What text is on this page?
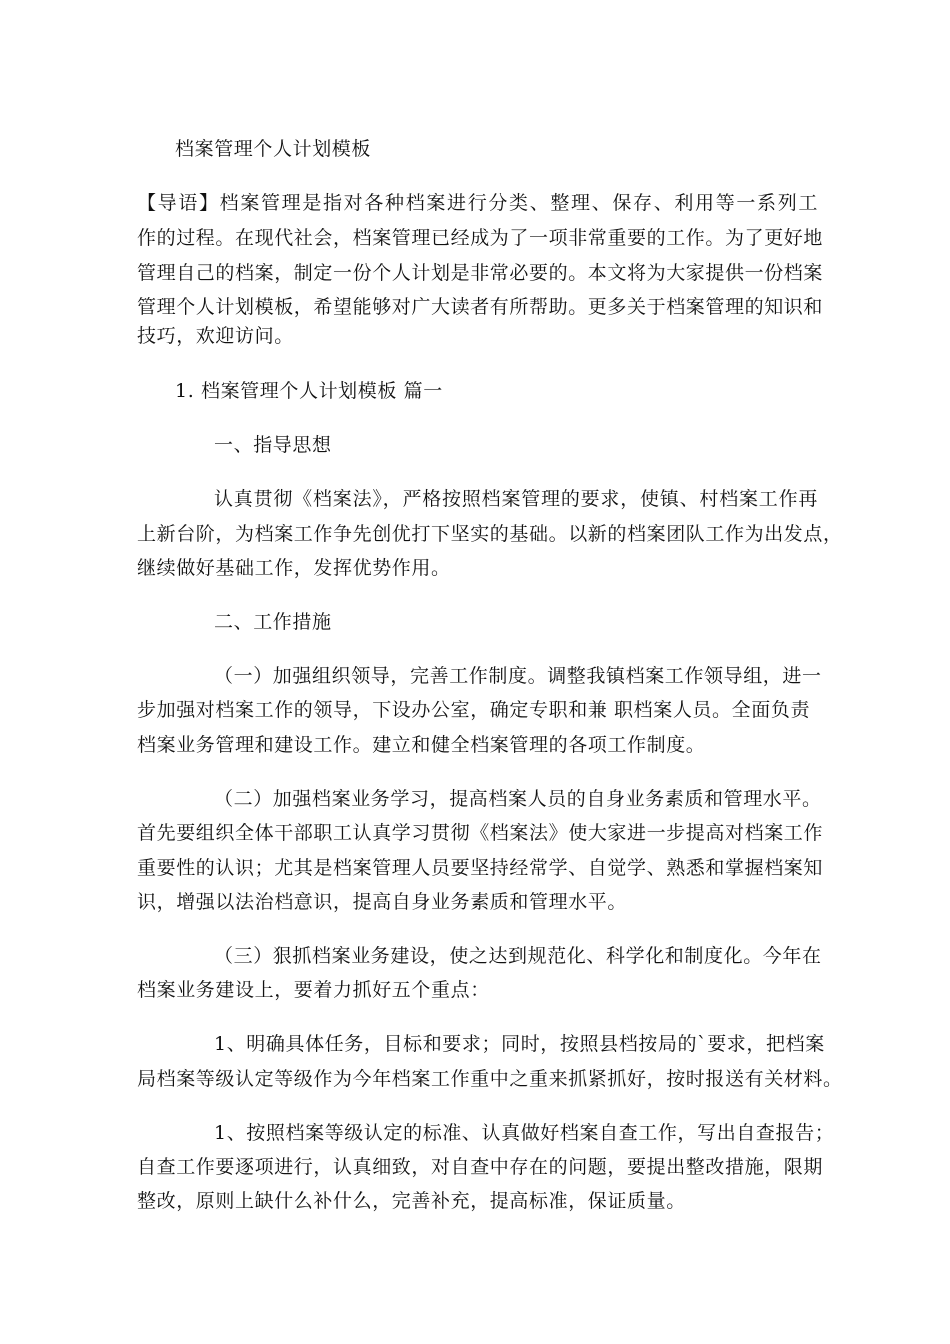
档案管理个人计划模板
【导语】档案管理是指对各种档案进行分类、整理、保存、利用等一系列工
作的过程。在现代社会，档案管理已经成为了一项非常重要的工作。为了更好地
管理自己的档案，制定一份个人计划是非常必要的。本文将为大家提供一份档案
管理个人计划模板，希望能够对广大读者有所帮助。更多关于档案管理的知识和
技巧，欢迎访问。
1. 档案管理个人计划模板 篇一
一、指导思想
认真贯彻《档案法》，严格按照档案管理的要求，使镇、村档案工作再
上新台阶，为档案工作争先创优打下坚实的基础。以新的档案团队工作为出发点，
继续做好基础工作，发挥优势作用。
二、工作措施
（一）加强组织领导，完善工作制度。调整我镇档案工作领导组，进一
步加强对档案工作的领导，下设办公室，确定专职和兼 职档案人员。全面负责
档案业务管理和建设工作。建立和健全档案管理的各项工作制度。
（二）加强档案业务学习，提高档案人员的自身业务素质和管理水平。
首先要组织全体干部职工认真学习贯彻《档案法》使大家进一步提高对档案工作
重要性的认识；尤其是档案管理人员要坚持经常学、自觉学、熟悉和掌握档案知
识，增强以法治档意识，提高自身业务素质和管理水平。
（三）狠抓档案业务建设，使之达到规范化、科学化和制度化。今年在
档案业务建设上，要着力抓好五个重点：
1、明确具体任务，目标和要求；同时，按照县档按局的`要求，把档案
局档案等级认定等级作为今年档案工作重中之重来抓紧抓好，按时报送有关材料。
1、按照档案等级认定的标准、认真做好档案自查工作，写出自查报告；
自查工作要逐项进行，认真细致，对自查中存在的问题，要提出整改措施，限期
整改，原则上缺什么补什么，完善补充，提高标准，保证质量。
